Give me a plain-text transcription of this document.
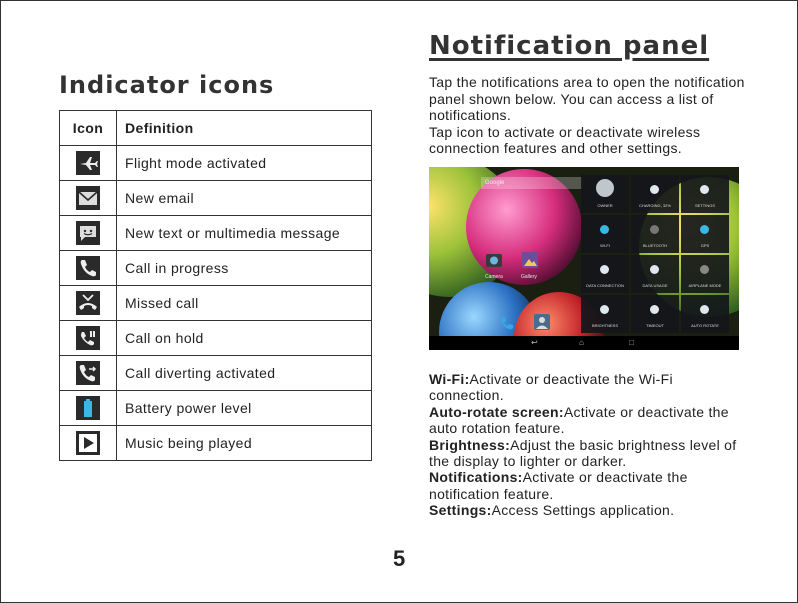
Indicator icons
Icon	Definition

	Flight mode activated

	New email

	New text or multimedia message

	Call in progress

	Missed call

	Call on hold

	Call diverting activated

	Battery power level

	Music being played
Notification panel

Tap the notifications area to open the notification panel shown below. You can access a list of notifications.

Tap icon to activate or deactivate wireless connection features and other settings.

Google
Camera	Gallery
OWNER	CHARGING, 32%	SETTINGS
WI-FI	BLUETOOTH	GPS
DATA CONNECTION	DATA USAGE	AIRPLANE MODE
BRIGHTNESS	TIMEOUT	AUTO ROTATE
↩	⌂	□

Wi-Fi:Activate or deactivate the Wi-Fi connection.

Auto-rotate screen:Activate or deactivate the auto rotation feature.

Brightness:Adjust the basic brightness level of the display to lighter or darker.

Notifications:Activate or deactivate the notification feature.

Settings:Access Settings application.

5
